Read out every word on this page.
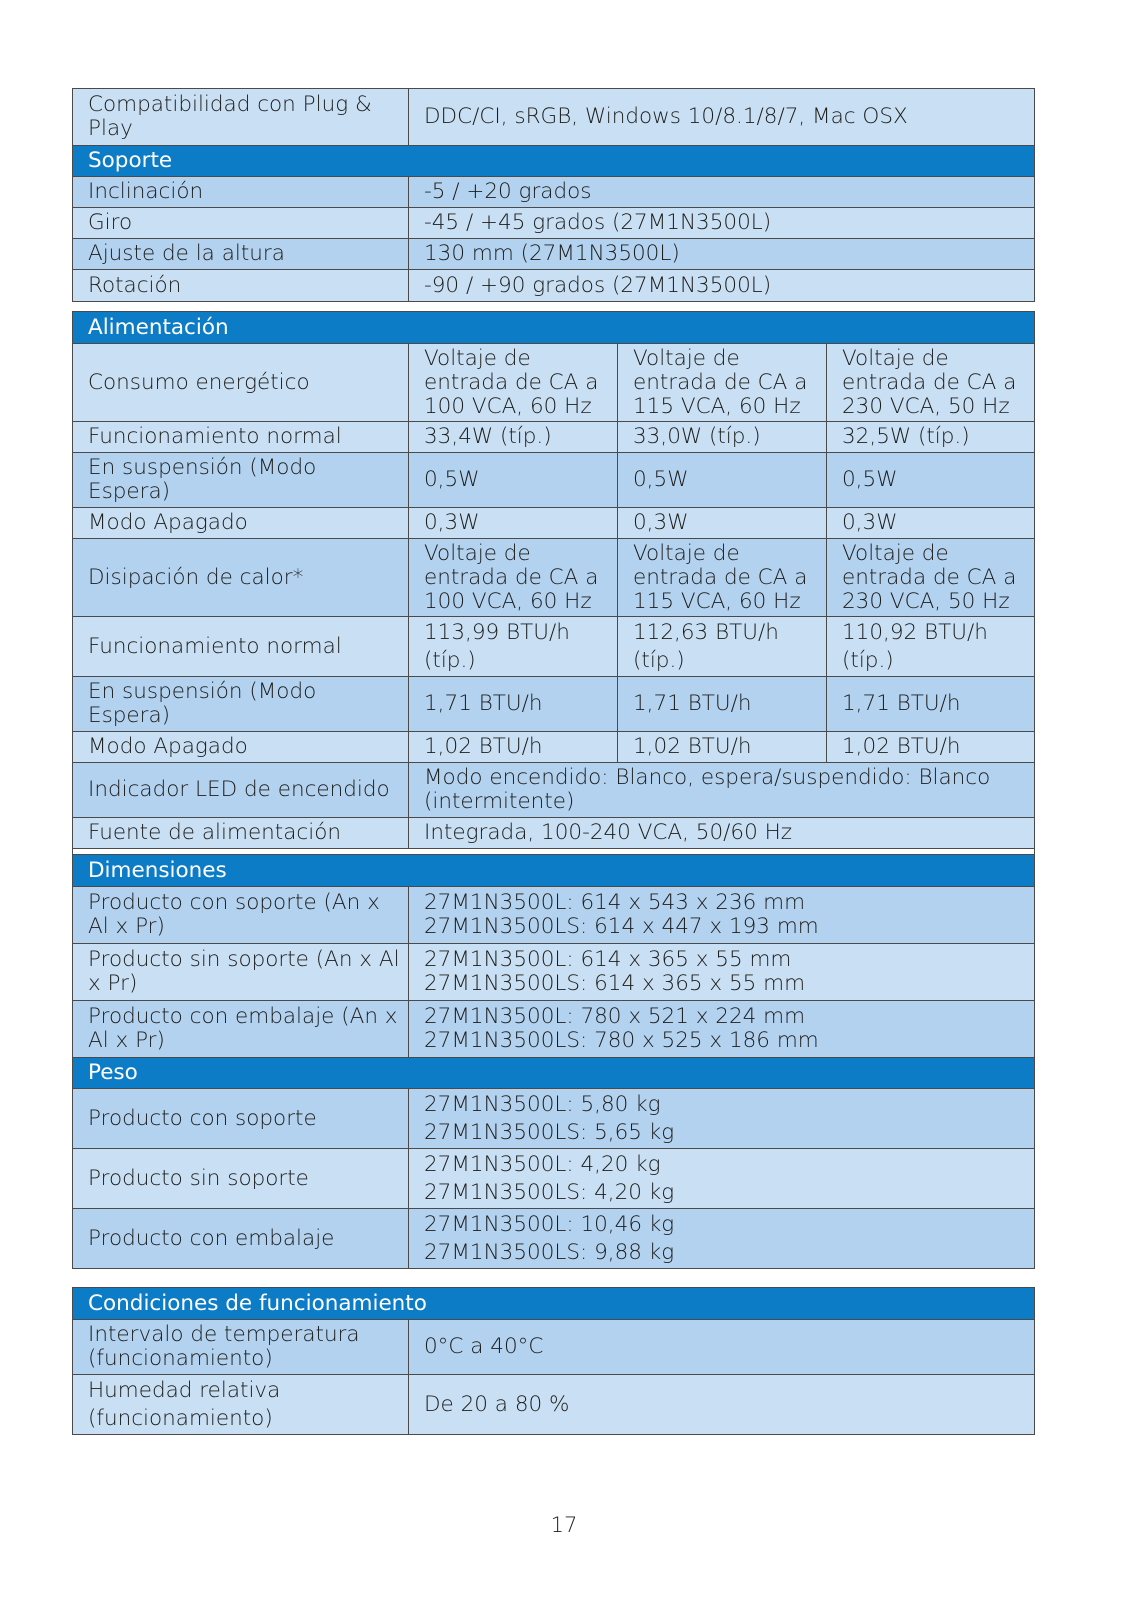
Compatibilidad con Plug & Play	DDC/CI, sRGB, Windows 10/8.1/8/7, Mac OSX
Soporte	
Inclinación	-5 / +20 grados
Giro	-45 / +45 grados (27M1N3500L)
Ajuste de la altura	130 mm (27M1N3500L)
Rotación	-90 / +90 grados (27M1N3500L)
Alimentación			
Consumo energético	Voltaje de entrada de CA a 100 VCA, 60 Hz	Voltaje de entrada de CA a 115 VCA, 60 Hz	Voltaje de entrada de CA a 230 VCA, 50 Hz
Funcionamiento normal	33,4W (típ.)	33,0W (típ.)	32,5W (típ.)
En suspensión (Modo Espera)	0,5W	0,5W	0,5W
Modo Apagado	0,3W	0,3W	0,3W
Disipación de calor*	Voltaje de entrada de CA a 100 VCA, 60 Hz	Voltaje de entrada de CA a 115 VCA, 60 Hz	Voltaje de entrada de CA a 230 VCA, 50 Hz
Funcionamiento normal	113,99 BTU/h (típ.)	112,63 BTU/h (típ.)	110,92 BTU/h (típ.)
En suspensión (Modo Espera)	1,71 BTU/h	1,71 BTU/h	1,71 BTU/h
Modo Apagado	1,02 BTU/h	1,02 BTU/h	1,02 BTU/h
Indicador LED de encendido	Modo encendido: Blanco, espera/suspendido: Blanco (intermitente)		
Fuente de alimentación	Integrada, 100-240 VCA, 50/60 Hz		

Dimensiones			
Producto con soporte (An x Al x Pr)	27M1N3500L: 614 x 543 x 236 mm
27M1N3500LS: 614 x 447 x 193 mm		

Producto sin soporte (An x Al x Pr)	27M1N3500L: 614 x 365 x 55 mm
27M1N3500LS: 614 x 365 x 55 mm		

Producto con embalaje (An x Al x Pr)	27M1N3500L: 780 x 521 x 224 mm
27M1N3500LS: 780 x 525 x 186 mm		

Peso			
Producto con soporte	27M1N3500L: 5,80 kg
27M1N3500LS: 5,65 kg		

Producto sin soporte	27M1N3500L: 4,20 kg
27M1N3500LS: 4,20 kg		

Producto con embalaje	27M1N3500L: 10,46 kg
27M1N3500LS: 9,88 kg		
Condiciones de funcionamiento	
Intervalo de temperatura (funcionamiento)	0°C a 40°C
Humedad relativa (funcionamiento)	De 20 a 80 %
17
